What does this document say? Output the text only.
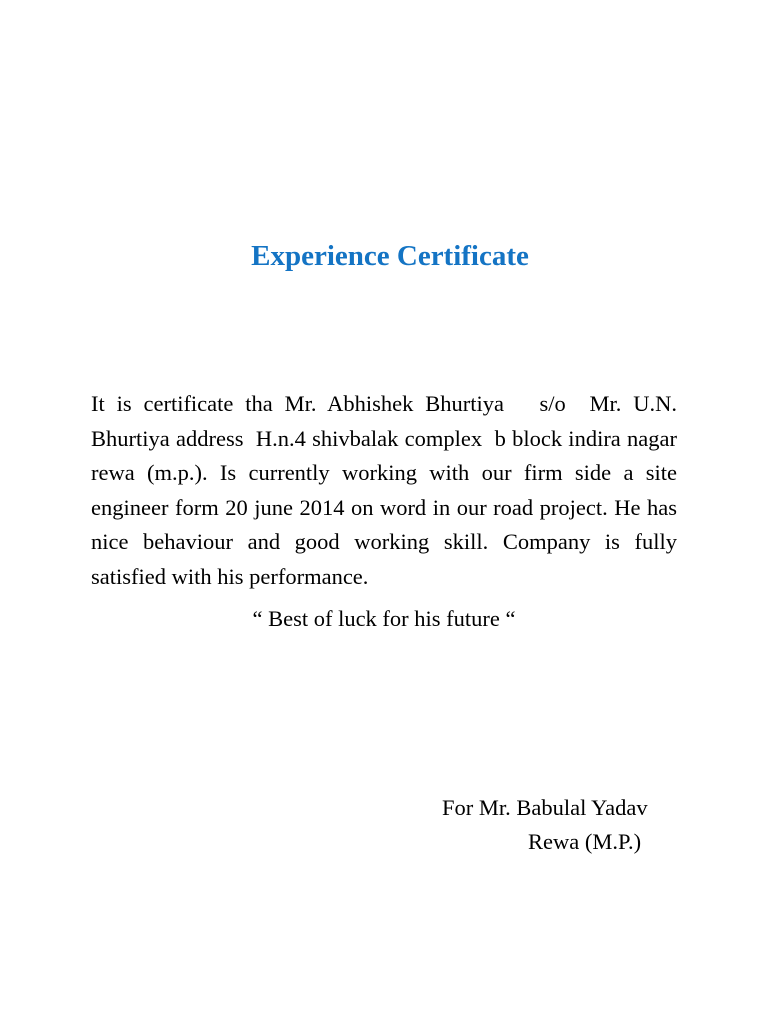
Experience Certificate

It is certificate tha Mr. Abhishek Bhurtiya   s/o  Mr. U.N. Bhurtiya address  H.n.4 shivbalak complex  b block indira nagar rewa (m.p.). Is currently working with our firm side a site engineer form 20 june 2014 on word in our road project. He has nice behaviour and good working skill. Company is fully satisfied with his performance.

“ Best of luck for his future “

For Mr. Babulal Yadav

Rewa (M.P.)
